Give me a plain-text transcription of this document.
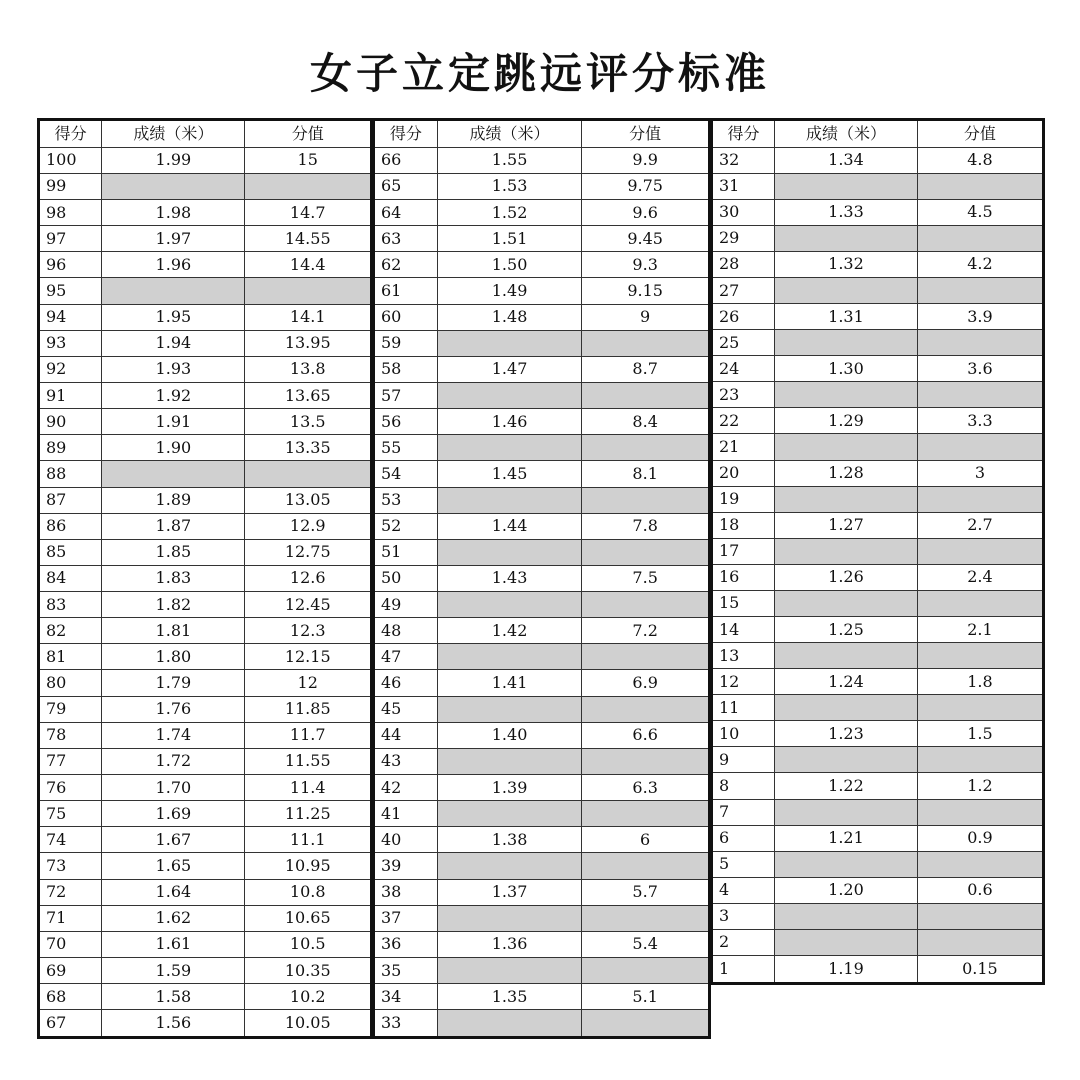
女子立定跳远评分标准
得分	成绩（米）	分值
100	1.99	15
99		
98	1.98	14.7
97	1.97	14.55
96	1.96	14.4
95		
94	1.95	14.1
93	1.94	13.95
92	1.93	13.8
91	1.92	13.65
90	1.91	13.5
89	1.90	13.35
88		
87	1.89	13.05
86	1.87	12.9
85	1.85	12.75
84	1.83	12.6
83	1.82	12.45
82	1.81	12.3
81	1.80	12.15
80	1.79	12
79	1.76	11.85
78	1.74	11.7
77	1.72	11.55
76	1.70	11.4
75	1.69	11.25
74	1.67	11.1
73	1.65	10.95
72	1.64	10.8
71	1.62	10.65
70	1.61	10.5
69	1.59	10.35
68	1.58	10.2
67	1.56	10.05
得分	成绩（米）	分值
66	1.55	9.9
65	1.53	9.75
64	1.52	9.6
63	1.51	9.45
62	1.50	9.3
61	1.49	9.15
60	1.48	9
59		
58	1.47	8.7
57		
56	1.46	8.4
55		
54	1.45	8.1
53		
52	1.44	7.8
51		
50	1.43	7.5
49		
48	1.42	7.2
47		
46	1.41	6.9
45		
44	1.40	6.6
43		
42	1.39	6.3
41		
40	1.38	6
39		
38	1.37	5.7
37		
36	1.36	5.4
35		
34	1.35	5.1
33		
得分	成绩（米）	分值
32	1.34	4.8
31		
30	1.33	4.5
29		
28	1.32	4.2
27		
26	1.31	3.9
25		
24	1.30	3.6
23		
22	1.29	3.3
21		
20	1.28	3
19		
18	1.27	2.7
17		
16	1.26	2.4
15		
14	1.25	2.1
13		
12	1.24	1.8
11		
10	1.23	1.5
9		
8	1.22	1.2
7		
6	1.21	0.9
5		
4	1.20	0.6
3		
2		
1	1.19	0.15
